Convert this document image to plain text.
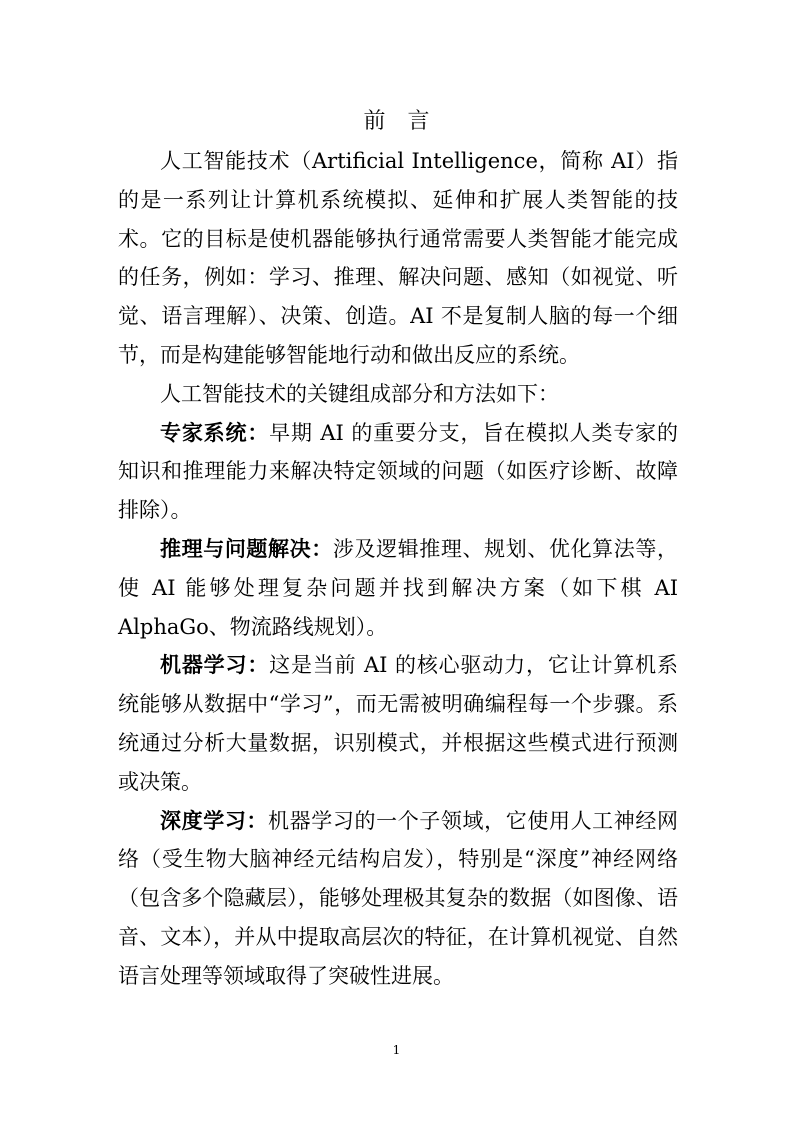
前 言

人工智能技术（Artificial Intelligence，简称 AI）指的是一系列让计算机系统模拟、延伸和扩展人类智能的技术。它的目标是使机器能够执行通常需要人类智能才能完成的任务，例如：学习、推理、解决问题、感知（如视觉、听觉、语言理解）、决策、创造。AI 不是复制人脑的每一个细节，而是构建能够智能地行动和做出反应的系统。

人工智能技术的关键组成部分和方法如下：

专家系统：早期 AI 的重要分支，旨在模拟人类专家的知识和推理能力来解决特定领域的问题（如医疗诊断、故障排除）。

推理与问题解决：涉及逻辑推理、规划、优化算法等，使 AI 能够处理复杂问题并找到解决方案（如下棋 AI AlphaGo、物流路线规划）。

机器学习：这是当前 AI 的核心驱动力，它让计算机系统能够从数据中“学习”，而无需被明确编程每一个步骤。系统通过分析大量数据，识别模式，并根据这些模式进行预测或决策。

深度学习：机器学习的一个子领域，它使用人工神经网络（受生物大脑神经元结构启发），特别是“深度”神经网络（包含多个隐藏层），能够处理极其复杂的数据（如图像、语音、文本），并从中提取高层次的特征，在计算机视觉、自然语言处理等领域取得了突破性进展。

1
